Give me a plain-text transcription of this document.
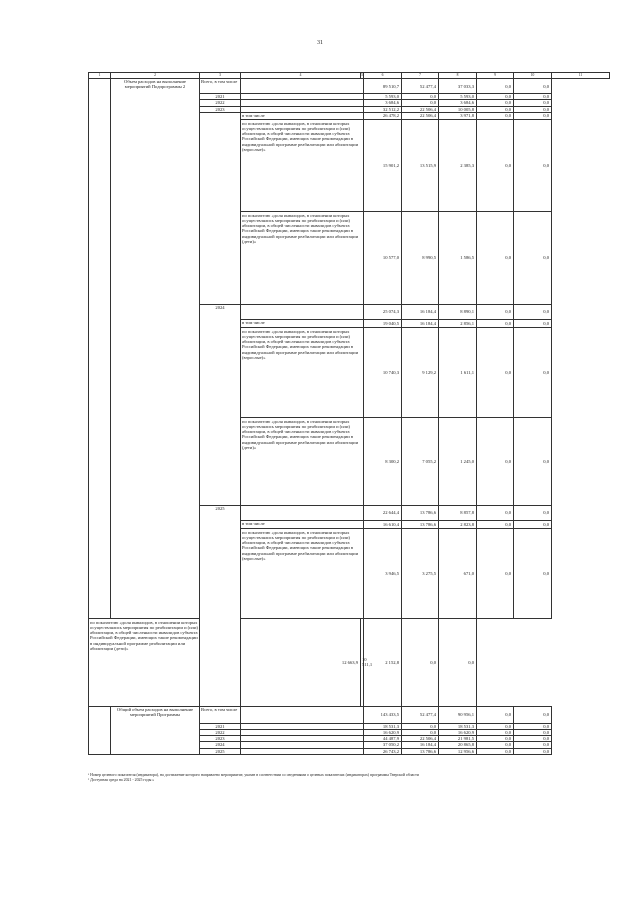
31
1	2	3	4	5	6	7	8	9	10	11
	Объем расходов на выполнение мероприятий Подпрограммы 2	Всего, в том числе			89 510,7	52 477,4	37 033,3	0,0	0,0	
		2021			5 593,0	0,0	5 593,0	0,0	0,0	
		2022			3 684,6	0,0	3 684,6	0,0	0,0	
		2023			32 512,2	22 506,4	10 005,8	0,0	0,0	
			в том числе		26 478,2	22 506,4	3 971,8	0,0	0,0	
			по показателю «доля инвалидов, в отношении которых осуществлялись мероприятия по реабилитации и (или) абилитации, в общей численности инвалидов субъекта Российской Федерации, имеющих такие рекомендации в индивидуальной программе реабилитации или абилитации (взрослые)»		15 901,2	13 515,9	2 385,3	0,0	0,0	
			по показателю «доля инвалидов, в отношении которых осуществлялись мероприятия по реабилитации и (или) абилитации, в общей численности инвалидов субъекта Российской Федерации, имеющих такие рекомендации в индивидуальной программе реабилитации или абилитации (дети)»		10 577,0	8 990,5	1 586,5	0,0	0,0	
		2024			25 074,3	16 184,4	8 890,1	0,0	0,0	
			в том числе		19 040,5	16 184,4	2 856,1	0,0	0,0	
			по показателю «доля инвалидов, в отношении которых осуществлялись мероприятия по реабилитации и (или) абилитации, в общей численности инвалидов субъекта Российской Федерации, имеющих такие рекомендации в индивидуальной программе реабилитации или абилитации (взрослые)»		10 740,3	9 129,2	1 611,1	0,0	0,0	
			по показателю «доля инвалидов, в отношении которых осуществлялись мероприятия по реабилитации и (или) абилитации, в общей численности инвалидов субъекта Российской Федерации, имеющих такие рекомендации в индивидуальной программе реабилитации или абилитации (дети)»		8 300,2	7 055,2	1 245,0	0,0	0,0	
		2025			22 644,4	13 786,6	8 857,8	0,0	0,0	
			в том числе		16 610,4	13 786,6	2 823,8	0,0	0,0	
			по показателю «доля инвалидов, в отношении которых осуществлялись мероприятия по реабилитации и (или) абилитации, в общей численности инвалидов субъекта Российской Федерации, имеющих такие рекомендации в индивидуальной программе реабилитации или абилитации (взрослые)»		3 946,5	3 275,5	671,0	0,0	0,0	
по показателю «доля инвалидов, в отношении которых осуществлялись мероприятия по реабилитации и (или) абилитации, в общей численности инвалидов субъекта Российской Федерации, имеющих такие рекомендации в индивидуальной программе реабилитации или абилитации (дети)»			12 663,9	10 511,1	2 152,8	0,0	0,0			
	Общий объем расходов на выполнение мероприятий Программы	Всего, в том числе			143 433,5	52 477,4	90 956,1	0,0	0,0	
		2021			18 531,3	0,0	18 531,3	0,0	0,0	
		2022			16 620,9	0,0	16 620,9	0,0	0,0	
		2023			44 487,9	22 506,4	21 981,5	0,0	0,0	
		2024			37 050,2	16 184,4	20 865,8	0,0	0,0	
		2025			26 743,2	13 786,6	12 956,6	0,0	0,0	
¹ Номер целевого показателя (индикатора), на достижение которого направлено мероприятие, указан в соответствии со сведениями о целевых показателях (индикаторах) программы Тверской области
² Доступная среда на 2021 - 2025 годы »
